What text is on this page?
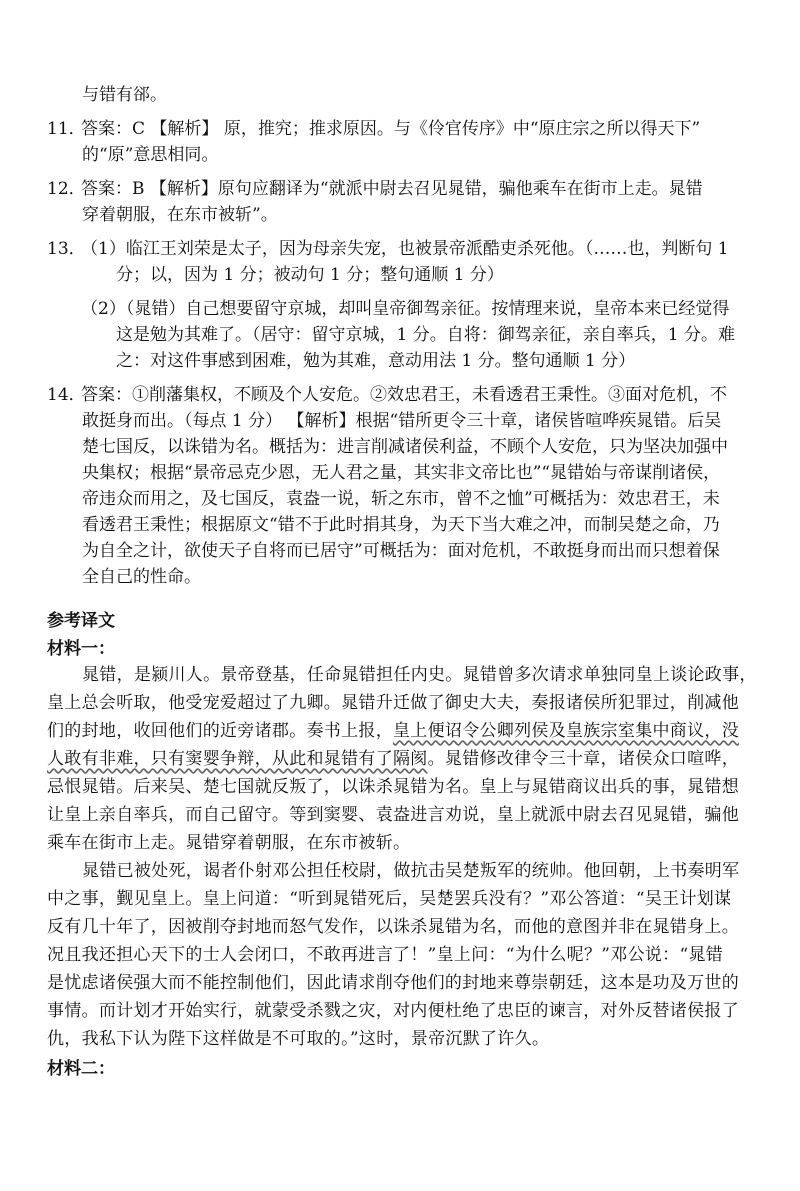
与错有郤。
11．答案：C 【解析】 原，推究；推求原因。与《伶官传序》中“原庄宗之所以得天下”
的“原”意思相同。
12．答案：B 【解析】原句应翻译为“就派中尉去召见晁错，骗他乘车在街市上走。晁错
穿着朝服，在东市被斩”。
13．（1）临江王刘荣是太子，因为母亲失宠，也被景帝派酷吏杀死他。（……也，判断句 1
分；以，因为 1 分；被动句 1 分；整句通顺 1 分）
（2）（晁错）自己想要留守京城，却叫皇帝御驾亲征。按情理来说，皇帝本来已经觉得
这是勉为其难了。（居守：留守京城，1 分。自将：御驾亲征，亲自率兵，1 分。难
之：对这件事感到困难，勉为其难，意动用法 1 分。整句通顺 1 分）
14．答案：①削藩集权，不顾及个人安危。②效忠君王，未看透君王秉性。③面对危机，不
敢挺身而出。（每点 1 分） 【解析】根据“错所更令三十章，诸侯皆喧哗疾晁错。后吴
楚七国反，以诛错为名。概括为：进言削减诸侯利益，不顾个人安危，只为坚决加强中
央集权；根据“景帝忌克少恩，无人君之量，其实非文帝比也”“晁错始与帝谋削诸侯，
帝违众而用之，及七国反，袁盎一说，斩之东市，曾不之恤”可概括为：效忠君王，未
看透君王秉性；根据原文“错不于此时捐其身，为天下当大难之冲，而制吴楚之命，乃
为自全之计，欲使天子自将而已居守”可概括为：面对危机，不敢挺身而出而只想着保
全自己的性命。
参考译文
材料一：
晁错，是颍川人。景帝登基，任命晁错担任内史。晁错曾多次请求单独同皇上谈论政事，
皇上总会听取，他受宠爱超过了九卿。晁错升迁做了御史大夫，奏报诸侯所犯罪过，削减他
们的封地，收回他们的近旁诸郡。奏书上报，皇上便诏令公卿列侯及皇族宗室集中商议，没
人敢有非难，只有窦婴争辩，从此和晁错有了隔阂。晁错修改律令三十章，诸侯众口喧哗，
忌恨晁错。后来吴、楚七国就反叛了，以诛杀晁错为名。皇上与晁错商议出兵的事，晁错想
让皇上亲自率兵，而自己留守。等到窦婴、袁盎进言劝说，皇上就派中尉去召见晁错，骗他
乘车在街市上走。晁错穿着朝服，在东市被斩。
晁错已被处死，谒者仆射邓公担任校尉，做抗击吴楚叛军的统帅。他回朝，上书奏明军
中之事，觐见皇上。皇上问道：“听到晁错死后，吴楚罢兵没有？”邓公答道：“吴王计划谋
反有几十年了，因被削夺封地而怒气发作，以诛杀晁错为名，而他的意图并非在晁错身上。
况且我还担心天下的士人会闭口，不敢再进言了！”皇上问：“为什么呢？”邓公说：“晁错
是忧虑诸侯强大而不能控制他们，因此请求削夺他们的封地来尊崇朝廷，这本是功及万世的
事情。而计划才开始实行，就蒙受杀戮之灾，对内便杜绝了忠臣的谏言，对外反替诸侯报了
仇，我私下认为陛下这样做是不可取的。”这时，景帝沉默了许久。
材料二：
